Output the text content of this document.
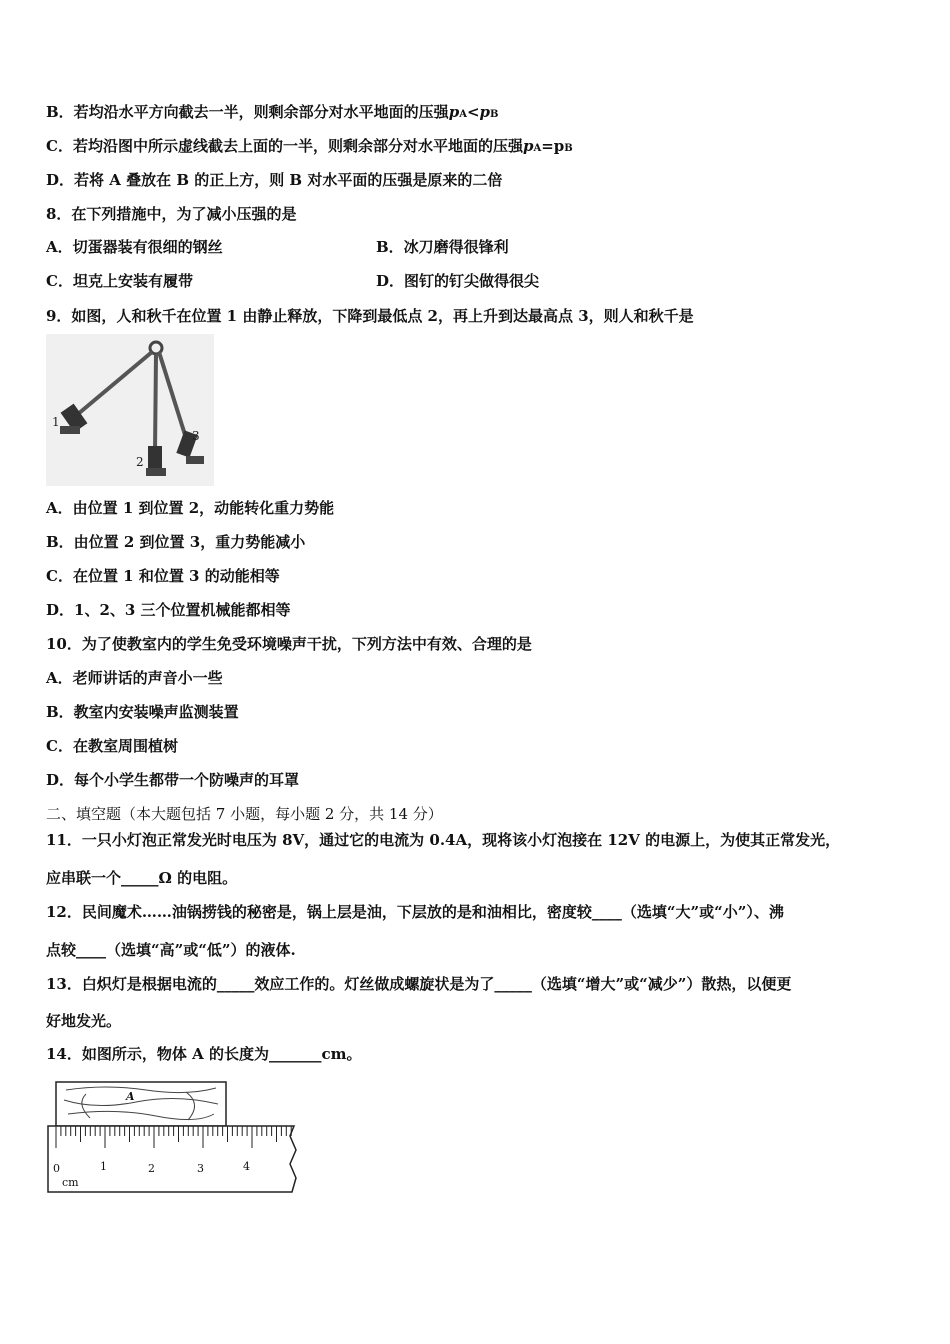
B．若均沿水平方向截去一半，则剩余部分对水平地面的压强pA<pB
C．若均沿图中所示虚线截去上面的一半，则剩余部分对水平地面的压强pA=pB
D．若将 A 叠放在 B 的正上方，则 B 对水平面的压强是原来的二倍
8．在下列措施中，为了减小压强的是
A．切蛋器装有很细的钢丝	B．冰刀磨得很锋利
C．坦克上安装有履带	D．图钉的钉尖做得很尖
9．如图，人和秋千在位置 1 由静止释放，下降到最低点 2，再上升到达最高点 3，则人和秋千是
1
2
3
A．由位置 1 到位置 2，动能转化重力势能
B．由位置 2 到位置 3，重力势能减小
C．在位置 1 和位置 3 的动能相等
D．1、2、3 三个位置机械能都相等
10．为了使教室内的学生免受环境噪声干扰，下列方法中有效、合理的是
A．老师讲话的声音小一些
B．教室内安装噪声监测装置
C．在教室周围植树
D．每个小学生都带一个防噪声的耳罩
二、填空题（本大题包括 7 小题，每小题 2 分，共 14 分）
11．一只小灯泡正常发光时电压为 8V，通过它的电流为 0.4A，现将该小灯泡接在 12V 的电源上，为使其正常发光，
应串联一个_____Ω 的电阻。
12．民间魔术……油锅捞钱的秘密是，锅上层是油，下层放的是和油相比，密度较____（选填“大”或“小”）、沸
点较____（选填“高”或“低”）的液体.
13．白炽灯是根据电流的_____效应工作的。灯丝做成螺旋状是为了_____（选填“增大”或“减少”）散热，以便更
好地发光。
14．如图所示，物体 A 的长度为_______cm。
A
0	1	2	3	4
cm
